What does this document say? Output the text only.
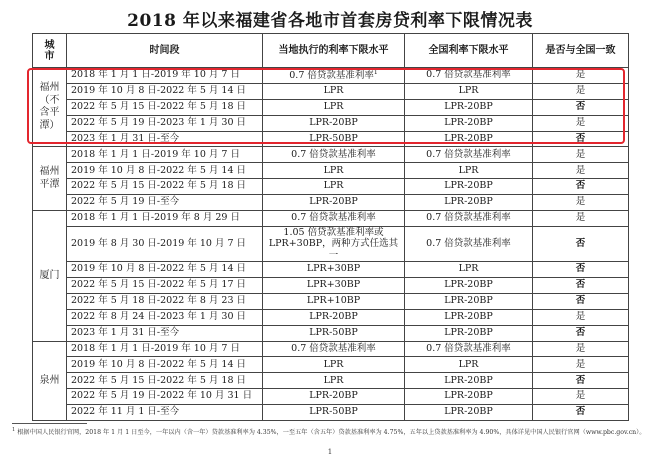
2018 年以来福建省各地市首套房贷利率下限情况表
城
市	时间段	当地执行的利率下限水平	全国利率下限水平	是否与全国一致

福州
（不
含平
潭）	2018 年 1 月 1 日-2019 年 10 月 7 日	0.7 倍贷款基准利率$^1$	0.7 倍贷款基准利率	是
	2019 年 10 月 8 日-2022 年 5 月 14 日	LPR	LPR	是
	2022 年 5 月 15 日-2022 年 5 月 18 日	LPR	LPR-20BP	否
	2022 年 5 月 19 日-2023 年 1 月 30 日	LPR-20BP	LPR-20BP	是
	2023 年 1 月 31 日-至今	LPR-50BP	LPR-20BP	否

福州
平潭	2018 年 1 月 1 日-2019 年 10 月 7 日	0.7 倍贷款基准利率	0.7 倍贷款基准利率	是
	2019 年 10 月 8 日-2022 年 5 月 14 日	LPR	LPR	是
	2022 年 5 月 15 日-2022 年 5 月 18 日	LPR	LPR-20BP	否
	2022 年 5 月 19 日-至今	LPR-20BP	LPR-20BP	是

厦门	2018 年 1 月 1 日-2019 年 8 月 29 日	0.7 倍贷款基准利率	0.7 倍贷款基准利率	是
	2019 年 8 月 30 日-2019 年 10 月 7 日	1.05 倍贷款基准利率或
LPR+30BP，两种方式任选其一	0.7 倍贷款基准利率	否
	2019 年 10 月 8 日-2022 年 5 月 14 日	LPR+30BP	LPR	否
	2022 年 5 月 15 日-2022 年 5 月 17 日	LPR+30BP	LPR-20BP	否
	2022 年 5 月 18 日-2022 年 8 月 23 日	LPR+10BP	LPR-20BP	否
	2022 年 8 月 24 日-2023 年 1 月 30 日	LPR-20BP	LPR-20BP	是
	2023 年 1 月 31 日-至今	LPR-50BP	LPR-20BP	否

泉州	2018 年 1 月 1 日-2019 年 10 月 7 日	0.7 倍贷款基准利率	0.7 倍贷款基准利率	是
	2019 年 10 月 8 日-2022 年 5 月 14 日	LPR	LPR	是
	2022 年 5 月 15 日-2022 年 5 月 18 日	LPR	LPR-20BP	否
	2022 年 5 月 19 日-2022 年 10 月 31 日	LPR-20BP	LPR-20BP	是
	2022 年 11 月 1 日-至今	LPR-50BP	LPR-20BP	否

$^1$ 根据中国人民银行官网，2018 年 1 月 1 日至今，一年以内（含一年）贷款基准利率为 4.35%，一至五年（含五年）贷款基准利率为 4.75%，五年以上贷款基准利率为 4.90%，具体详见中国人民银行官网（www.pbc.gov.cn）。

1
